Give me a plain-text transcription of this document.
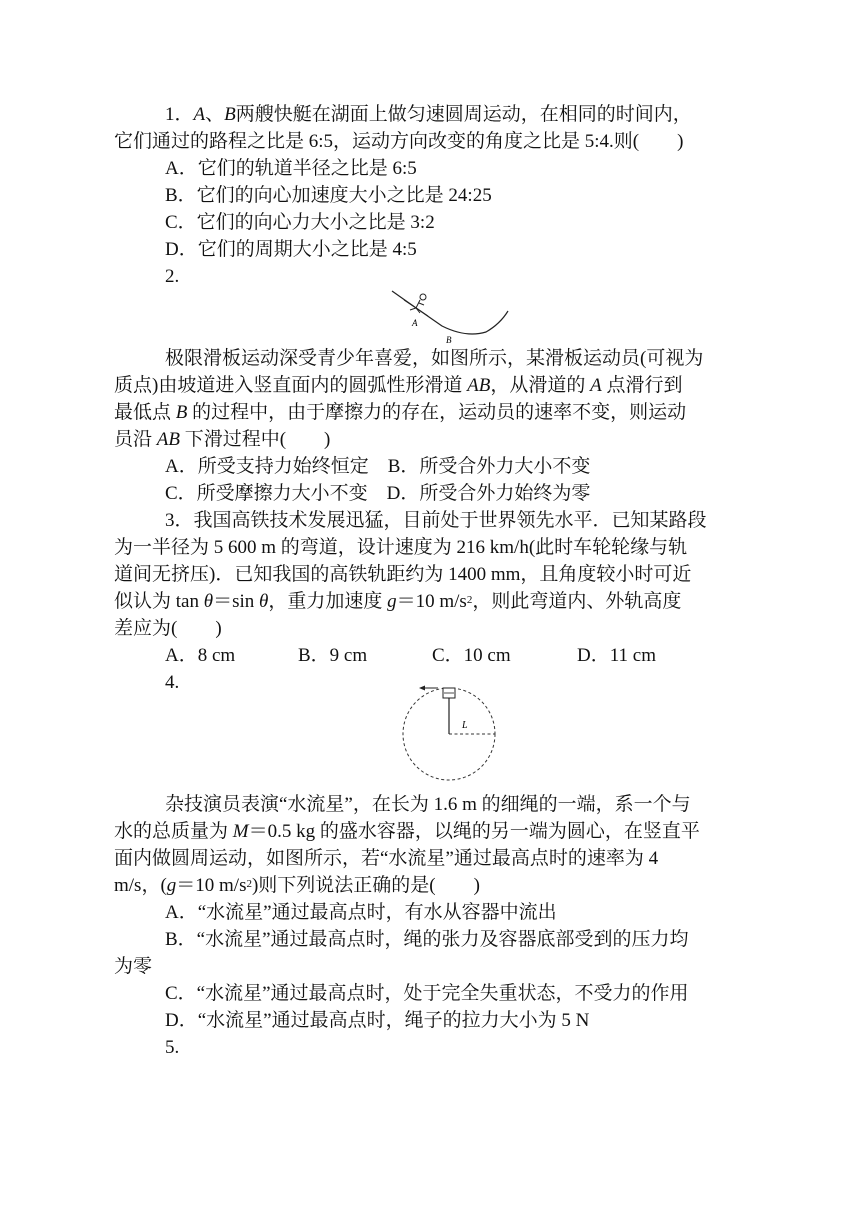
1．A、B两艘快艇在湖面上做匀速圆周运动，在相同的时间内，
它们通过的路程之比是 6:5，运动方向改变的角度之比是 5:4.则(　　)
A．它们的轨道半径之比是 6:5
B．它们的向心加速度大小之比是 24:25
C．它们的向心力大小之比是 3:2
D．它们的周期大小之比是 4:5
2.
A
B
极限滑板运动深受青少年喜爱，如图所示，某滑板运动员(可视为
质点)由坡道进入竖直面内的圆弧性形滑道 AB，从滑道的 A 点滑行到
最低点 B 的过程中，由于摩擦力的存在，运动员的速率不变，则运动
员沿 AB 下滑过程中(　　)
A．所受支持力始终恒定　B．所受合外力大小不变
C．所受摩擦力大小不变　D．所受合外力始终为零
3．我国高铁技术发展迅猛，目前处于世界领先水平．已知某路段
为一半径为 5 600 m 的弯道，设计速度为 216 km/h(此时车轮轮缘与轨
道间无挤压)．已知我国的高铁轨距约为 1400 mm，且角度较小时可近
似认为 tan θ＝sin θ，重力加速度 g＝10 $m/s^2$，则此弯道内、外轨高度
差应为(　　)
A．8 cm	B．9 cm	C．10 cm	D．11 cm
4.
L
杂技演员表演“水流星”，在长为 1.6 m 的细绳的一端，系一个与
水的总质量为 M＝0.5 kg 的盛水容器，以绳的另一端为圆心，在竖直平
面内做圆周运动，如图所示，若“水流星”通过最高点时的速率为 4
m/s，(g＝10 $m/s^2$)则下列说法正确的是(　　)
A．“水流星”通过最高点时，有水从容器中流出
B．“水流星”通过最高点时，绳的张力及容器底部受到的压力均
为零
C．“水流星”通过最高点时，处于完全失重状态，不受力的作用
D．“水流星”通过最高点时，绳子的拉力大小为 5 N
5.
